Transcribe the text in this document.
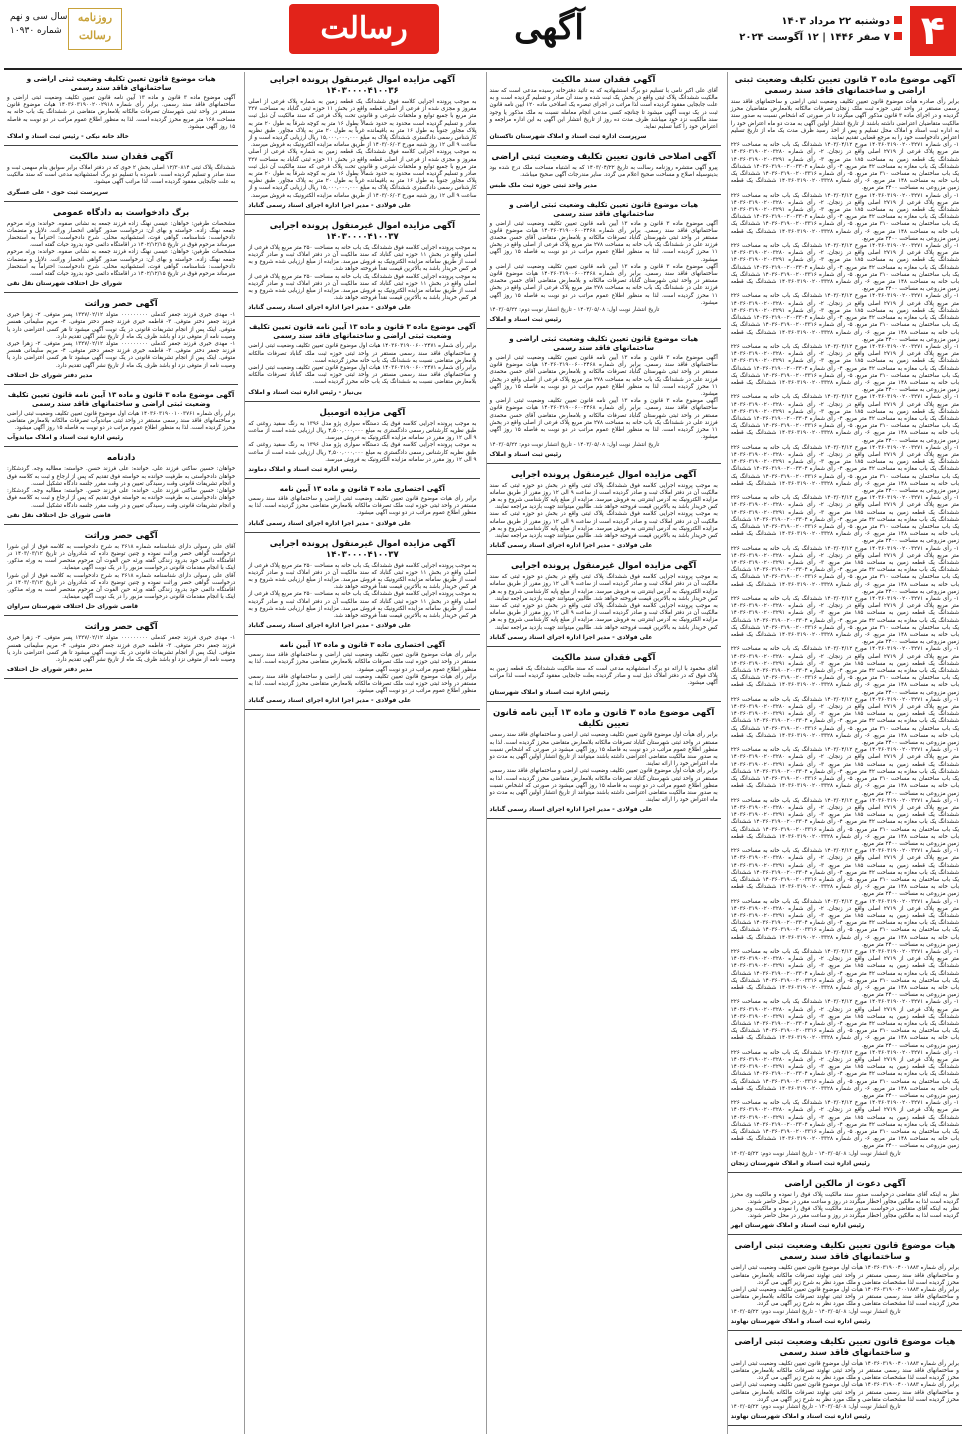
۴
دوشنبه ۲۲ مرداد ۱۴۰۳
۷ صفر ۱۴۴۶ | ۱۲ آگوست ۲۰۲۴
آگهی
رسالت
روزنامه رسالت
سال سی و نهم
شماره ۱۰۹۳۰
آگهی موضوع ماده ۳ قانون تعیین تکلیف وضعیت ثبتی اراضی و ساختمانهای فاقد سند رسمی

برابر رأی صادره هیأت موضوع قانون تعیین تکلیف وضعیت ثبتی اراضی و ساختمانهای فاقد سند رسمی مستقر در واحد ثبتی حوزه ثبت ملک زنجان تصرفات مالکانه بلامعارض متقاضیان محرز گردیده و در اجرای ماده ۳ قانون مذکور آگهی میگردد تا در صورتی که اشخاص نسبت به صدور سند مالکیت متقاضیان اعتراضی داشته باشند از تاریخ انتشار اولین آگهی به مدت دو ماه اعتراض خود را به اداره ثبت اسناد و املاک محل تسلیم و پس از اخذ رسید ظرف مدت یک ماه از تاریخ تسلیم اعتراض دادخواست خود را به مرجع قضایی تقدیم نمایند.

۱- رأی شماره ۱۴۰۳۶۰۳۱۹۰۰۲۰۰۳۲۷۱ مورخ ۱۴۰۳/۰۴/۱۲ ششدانگ یک باب خانه به مساحت ۲۲۶ متر مربع پلاک فرعی از ۲۷۱۹ اصلی واقع در زنجان. ۲- رأی شماره ۱۴۰۳۶۰۳۱۹۰۰۲۰۰۳۲۸۰ ششدانگ یک قطعه زمین به مساحت ۱۸۵ متر مربع. ۳- رأی شماره ۱۴۰۳۶۰۳۱۹۰۰۲۰۰۳۲۹۱ ششدانگ یک باب مغازه به مساحت ۴۲ متر مربع. ۴- رأی شماره ۱۴۰۳۶۰۳۱۹۰۰۲۰۰۳۳۰۴ ششدانگ یک باب ساختمان به مساحت ۳۱۰ متر مربع. ۵- رأی شماره ۱۴۰۳۶۰۳۱۹۰۰۲۰۰۳۳۱۶ ششدانگ یک باب خانه به مساحت ۱۴۸ متر مربع. ۶- رأی شماره ۱۴۰۳۶۰۳۱۹۰۰۲۰۰۳۳۲۸ ششدانگ یک قطعه زمین مزروعی به مساحت ۲۴۰۰ متر مربع.

۱- رأی شماره ۱۴۰۳۶۰۳۱۹۰۰۲۰۰۳۲۷۱ مورخ ۱۴۰۳/۰۴/۱۲ ششدانگ یک باب خانه به مساحت ۲۲۶ متر مربع پلاک فرعی از ۲۷۱۹ اصلی واقع در زنجان. ۲- رأی شماره ۱۴۰۳۶۰۳۱۹۰۰۲۰۰۳۲۸۰ ششدانگ یک قطعه زمین به مساحت ۱۸۵ متر مربع. ۳- رأی شماره ۱۴۰۳۶۰۳۱۹۰۰۲۰۰۳۲۹۱ ششدانگ یک باب مغازه به مساحت ۴۲ متر مربع. ۴- رأی شماره ۱۴۰۳۶۰۳۱۹۰۰۲۰۰۳۳۰۴ ششدانگ یک باب ساختمان به مساحت ۳۱۰ متر مربع. ۵- رأی شماره ۱۴۰۳۶۰۳۱۹۰۰۲۰۰۳۳۱۶ ششدانگ یک باب خانه به مساحت ۱۴۸ متر مربع. ۶- رأی شماره ۱۴۰۳۶۰۳۱۹۰۰۲۰۰۳۳۲۸ ششدانگ یک قطعه زمین مزروعی به مساحت ۲۴۰۰ متر مربع.

۱- رأی شماره ۱۴۰۳۶۰۳۱۹۰۰۲۰۰۳۲۷۱ مورخ ۱۴۰۳/۰۴/۱۲ ششدانگ یک باب خانه به مساحت ۲۲۶ متر مربع پلاک فرعی از ۲۷۱۹ اصلی واقع در زنجان. ۲- رأی شماره ۱۴۰۳۶۰۳۱۹۰۰۲۰۰۳۲۸۰ ششدانگ یک قطعه زمین به مساحت ۱۸۵ متر مربع. ۳- رأی شماره ۱۴۰۳۶۰۳۱۹۰۰۲۰۰۳۲۹۱ ششدانگ یک باب مغازه به مساحت ۴۲ متر مربع. ۴- رأی شماره ۱۴۰۳۶۰۳۱۹۰۰۲۰۰۳۳۰۴ ششدانگ یک باب ساختمان به مساحت ۳۱۰ متر مربع. ۵- رأی شماره ۱۴۰۳۶۰۳۱۹۰۰۲۰۰۳۳۱۶ ششدانگ یک باب خانه به مساحت ۱۴۸ متر مربع. ۶- رأی شماره ۱۴۰۳۶۰۳۱۹۰۰۲۰۰۳۳۲۸ ششدانگ یک قطعه زمین مزروعی به مساحت ۲۴۰۰ متر مربع.

۱- رأی شماره ۱۴۰۳۶۰۳۱۹۰۰۲۰۰۳۲۷۱ مورخ ۱۴۰۳/۰۴/۱۲ ششدانگ یک باب خانه به مساحت ۲۲۶ متر مربع پلاک فرعی از ۲۷۱۹ اصلی واقع در زنجان. ۲- رأی شماره ۱۴۰۳۶۰۳۱۹۰۰۲۰۰۳۲۸۰ ششدانگ یک قطعه زمین به مساحت ۱۸۵ متر مربع. ۳- رأی شماره ۱۴۰۳۶۰۳۱۹۰۰۲۰۰۳۲۹۱ ششدانگ یک باب مغازه به مساحت ۴۲ متر مربع. ۴- رأی شماره ۱۴۰۳۶۰۳۱۹۰۰۲۰۰۳۳۰۴ ششدانگ یک باب ساختمان به مساحت ۳۱۰ متر مربع. ۵- رأی شماره ۱۴۰۳۶۰۳۱۹۰۰۲۰۰۳۳۱۶ ششدانگ یک باب خانه به مساحت ۱۴۸ متر مربع. ۶- رأی شماره ۱۴۰۳۶۰۳۱۹۰۰۲۰۰۳۳۲۸ ششدانگ یک قطعه زمین مزروعی به مساحت ۲۴۰۰ متر مربع.

۱- رأی شماره ۱۴۰۳۶۰۳۱۹۰۰۲۰۰۳۲۷۱ مورخ ۱۴۰۳/۰۴/۱۲ ششدانگ یک باب خانه به مساحت ۲۲۶ متر مربع پلاک فرعی از ۲۷۱۹ اصلی واقع در زنجان. ۲- رأی شماره ۱۴۰۳۶۰۳۱۹۰۰۲۰۰۳۲۸۰ ششدانگ یک قطعه زمین به مساحت ۱۸۵ متر مربع. ۳- رأی شماره ۱۴۰۳۶۰۳۱۹۰۰۲۰۰۳۲۹۱ ششدانگ یک باب مغازه به مساحت ۴۲ متر مربع. ۴- رأی شماره ۱۴۰۳۶۰۳۱۹۰۰۲۰۰۳۳۰۴ ششدانگ یک باب ساختمان به مساحت ۳۱۰ متر مربع. ۵- رأی شماره ۱۴۰۳۶۰۳۱۹۰۰۲۰۰۳۳۱۶ ششدانگ یک باب خانه به مساحت ۱۴۸ متر مربع. ۶- رأی شماره ۱۴۰۳۶۰۳۱۹۰۰۲۰۰۳۳۲۸ ششدانگ یک قطعه زمین مزروعی به مساحت ۲۴۰۰ متر مربع.

۱- رأی شماره ۱۴۰۳۶۰۳۱۹۰۰۲۰۰۳۲۷۱ مورخ ۱۴۰۳/۰۴/۱۲ ششدانگ یک باب خانه به مساحت ۲۲۶ متر مربع پلاک فرعی از ۲۷۱۹ اصلی واقع در زنجان. ۲- رأی شماره ۱۴۰۳۶۰۳۱۹۰۰۲۰۰۳۲۸۰ ششدانگ یک قطعه زمین به مساحت ۱۸۵ متر مربع. ۳- رأی شماره ۱۴۰۳۶۰۳۱۹۰۰۲۰۰۳۲۹۱ ششدانگ یک باب مغازه به مساحت ۴۲ متر مربع. ۴- رأی شماره ۱۴۰۳۶۰۳۱۹۰۰۲۰۰۳۳۰۴ ششدانگ یک باب ساختمان به مساحت ۳۱۰ متر مربع. ۵- رأی شماره ۱۴۰۳۶۰۳۱۹۰۰۲۰۰۳۳۱۶ ششدانگ یک باب خانه به مساحت ۱۴۸ متر مربع. ۶- رأی شماره ۱۴۰۳۶۰۳۱۹۰۰۲۰۰۳۳۲۸ ششدانگ یک قطعه زمین مزروعی به مساحت ۲۴۰۰ متر مربع.

۱- رأی شماره ۱۴۰۳۶۰۳۱۹۰۰۲۰۰۳۲۷۱ مورخ ۱۴۰۳/۰۴/۱۲ ششدانگ یک باب خانه به مساحت ۲۲۶ متر مربع پلاک فرعی از ۲۷۱۹ اصلی واقع در زنجان. ۲- رأی شماره ۱۴۰۳۶۰۳۱۹۰۰۲۰۰۳۲۸۰ ششدانگ یک قطعه زمین به مساحت ۱۸۵ متر مربع. ۳- رأی شماره ۱۴۰۳۶۰۳۱۹۰۰۲۰۰۳۲۹۱ ششدانگ یک باب مغازه به مساحت ۴۲ متر مربع. ۴- رأی شماره ۱۴۰۳۶۰۳۱۹۰۰۲۰۰۳۳۰۴ ششدانگ یک باب ساختمان به مساحت ۳۱۰ متر مربع. ۵- رأی شماره ۱۴۰۳۶۰۳۱۹۰۰۲۰۰۳۳۱۶ ششدانگ یک باب خانه به مساحت ۱۴۸ متر مربع. ۶- رأی شماره ۱۴۰۳۶۰۳۱۹۰۰۲۰۰۳۳۲۸ ششدانگ یک قطعه زمین مزروعی به مساحت ۲۴۰۰ متر مربع.

۱- رأی شماره ۱۴۰۳۶۰۳۱۹۰۰۲۰۰۳۲۷۱ مورخ ۱۴۰۳/۰۴/۱۲ ششدانگ یک باب خانه به مساحت ۲۲۶ متر مربع پلاک فرعی از ۲۷۱۹ اصلی واقع در زنجان. ۲- رأی شماره ۱۴۰۳۶۰۳۱۹۰۰۲۰۰۳۲۸۰ ششدانگ یک قطعه زمین به مساحت ۱۸۵ متر مربع. ۳- رأی شماره ۱۴۰۳۶۰۳۱۹۰۰۲۰۰۳۲۹۱ ششدانگ یک باب مغازه به مساحت ۴۲ متر مربع. ۴- رأی شماره ۱۴۰۳۶۰۳۱۹۰۰۲۰۰۳۳۰۴ ششدانگ یک باب ساختمان به مساحت ۳۱۰ متر مربع. ۵- رأی شماره ۱۴۰۳۶۰۳۱۹۰۰۲۰۰۳۳۱۶ ششدانگ یک باب خانه به مساحت ۱۴۸ متر مربع. ۶- رأی شماره ۱۴۰۳۶۰۳۱۹۰۰۲۰۰۳۳۲۸ ششدانگ یک قطعه زمین مزروعی به مساحت ۲۴۰۰ متر مربع.

۱- رأی شماره ۱۴۰۳۶۰۳۱۹۰۰۲۰۰۳۲۷۱ مورخ ۱۴۰۳/۰۴/۱۲ ششدانگ یک باب خانه به مساحت ۲۲۶ متر مربع پلاک فرعی از ۲۷۱۹ اصلی واقع در زنجان. ۲- رأی شماره ۱۴۰۳۶۰۳۱۹۰۰۲۰۰۳۲۸۰ ششدانگ یک قطعه زمین به مساحت ۱۸۵ متر مربع. ۳- رأی شماره ۱۴۰۳۶۰۳۱۹۰۰۲۰۰۳۲۹۱ ششدانگ یک باب مغازه به مساحت ۴۲ متر مربع. ۴- رأی شماره ۱۴۰۳۶۰۳۱۹۰۰۲۰۰۳۳۰۴ ششدانگ یک باب ساختمان به مساحت ۳۱۰ متر مربع. ۵- رأی شماره ۱۴۰۳۶۰۳۱۹۰۰۲۰۰۳۳۱۶ ششدانگ یک باب خانه به مساحت ۱۴۸ متر مربع. ۶- رأی شماره ۱۴۰۳۶۰۳۱۹۰۰۲۰۰۳۳۲۸ ششدانگ یک قطعه زمین مزروعی به مساحت ۲۴۰۰ متر مربع.

۱- رأی شماره ۱۴۰۳۶۰۳۱۹۰۰۲۰۰۳۲۷۱ مورخ ۱۴۰۳/۰۴/۱۲ ششدانگ یک باب خانه به مساحت ۲۲۶ متر مربع پلاک فرعی از ۲۷۱۹ اصلی واقع در زنجان. ۲- رأی شماره ۱۴۰۳۶۰۳۱۹۰۰۲۰۰۳۲۸۰ ششدانگ یک قطعه زمین به مساحت ۱۸۵ متر مربع. ۳- رأی شماره ۱۴۰۳۶۰۳۱۹۰۰۲۰۰۳۲۹۱ ششدانگ یک باب مغازه به مساحت ۴۲ متر مربع. ۴- رأی شماره ۱۴۰۳۶۰۳۱۹۰۰۲۰۰۳۳۰۴ ششدانگ یک باب ساختمان به مساحت ۳۱۰ متر مربع. ۵- رأی شماره ۱۴۰۳۶۰۳۱۹۰۰۲۰۰۳۳۱۶ ششدانگ یک باب خانه به مساحت ۱۴۸ متر مربع. ۶- رأی شماره ۱۴۰۳۶۰۳۱۹۰۰۲۰۰۳۳۲۸ ششدانگ یک قطعه زمین مزروعی به مساحت ۲۴۰۰ متر مربع.

۱- رأی شماره ۱۴۰۳۶۰۳۱۹۰۰۲۰۰۳۲۷۱ مورخ ۱۴۰۳/۰۴/۱۲ ششدانگ یک باب خانه به مساحت ۲۲۶ متر مربع پلاک فرعی از ۲۷۱۹ اصلی واقع در زنجان. ۲- رأی شماره ۱۴۰۳۶۰۳۱۹۰۰۲۰۰۳۲۸۰ ششدانگ یک قطعه زمین به مساحت ۱۸۵ متر مربع. ۳- رأی شماره ۱۴۰۳۶۰۳۱۹۰۰۲۰۰۳۲۹۱ ششدانگ یک باب مغازه به مساحت ۴۲ متر مربع. ۴- رأی شماره ۱۴۰۳۶۰۳۱۹۰۰۲۰۰۳۳۰۴ ششدانگ یک باب ساختمان به مساحت ۳۱۰ متر مربع. ۵- رأی شماره ۱۴۰۳۶۰۳۱۹۰۰۲۰۰۳۳۱۶ ششدانگ یک باب خانه به مساحت ۱۴۸ متر مربع. ۶- رأی شماره ۱۴۰۳۶۰۳۱۹۰۰۲۰۰۳۳۲۸ ششدانگ یک قطعه زمین مزروعی به مساحت ۲۴۰۰ متر مربع.

۱- رأی شماره ۱۴۰۳۶۰۳۱۹۰۰۲۰۰۳۲۷۱ مورخ ۱۴۰۳/۰۴/۱۲ ششدانگ یک باب خانه به مساحت ۲۲۶ متر مربع پلاک فرعی از ۲۷۱۹ اصلی واقع در زنجان. ۲- رأی شماره ۱۴۰۳۶۰۳۱۹۰۰۲۰۰۳۲۸۰ ششدانگ یک قطعه زمین به مساحت ۱۸۵ متر مربع. ۳- رأی شماره ۱۴۰۳۶۰۳۱۹۰۰۲۰۰۳۲۹۱ ششدانگ یک باب مغازه به مساحت ۴۲ متر مربع. ۴- رأی شماره ۱۴۰۳۶۰۳۱۹۰۰۲۰۰۳۳۰۴ ششدانگ یک باب ساختمان به مساحت ۳۱۰ متر مربع. ۵- رأی شماره ۱۴۰۳۶۰۳۱۹۰۰۲۰۰۳۳۱۶ ششدانگ یک باب خانه به مساحت ۱۴۸ متر مربع. ۶- رأی شماره ۱۴۰۳۶۰۳۱۹۰۰۲۰۰۳۳۲۸ ششدانگ یک قطعه زمین مزروعی به مساحت ۲۴۰۰ متر مربع.

۱- رأی شماره ۱۴۰۳۶۰۳۱۹۰۰۲۰۰۳۲۷۱ مورخ ۱۴۰۳/۰۴/۱۲ ششدانگ یک باب خانه به مساحت ۲۲۶ متر مربع پلاک فرعی از ۲۷۱۹ اصلی واقع در زنجان. ۲- رأی شماره ۱۴۰۳۶۰۳۱۹۰۰۲۰۰۳۲۸۰ ششدانگ یک قطعه زمین به مساحت ۱۸۵ متر مربع. ۳- رأی شماره ۱۴۰۳۶۰۳۱۹۰۰۲۰۰۳۲۹۱ ششدانگ یک باب مغازه به مساحت ۴۲ متر مربع. ۴- رأی شماره ۱۴۰۳۶۰۳۱۹۰۰۲۰۰۳۳۰۴ ششدانگ یک باب ساختمان به مساحت ۳۱۰ متر مربع. ۵- رأی شماره ۱۴۰۳۶۰۳۱۹۰۰۲۰۰۳۳۱۶ ششدانگ یک باب خانه به مساحت ۱۴۸ متر مربع. ۶- رأی شماره ۱۴۰۳۶۰۳۱۹۰۰۲۰۰۳۳۲۸ ششدانگ یک قطعه زمین مزروعی به مساحت ۲۴۰۰ متر مربع.

۱- رأی شماره ۱۴۰۳۶۰۳۱۹۰۰۲۰۰۳۲۷۱ مورخ ۱۴۰۳/۰۴/۱۲ ششدانگ یک باب خانه به مساحت ۲۲۶ متر مربع پلاک فرعی از ۲۷۱۹ اصلی واقع در زنجان. ۲- رأی شماره ۱۴۰۳۶۰۳۱۹۰۰۲۰۰۳۲۸۰ ششدانگ یک قطعه زمین به مساحت ۱۸۵ متر مربع. ۳- رأی شماره ۱۴۰۳۶۰۳۱۹۰۰۲۰۰۳۲۹۱ ششدانگ یک باب مغازه به مساحت ۴۲ متر مربع. ۴- رأی شماره ۱۴۰۳۶۰۳۱۹۰۰۲۰۰۳۳۰۴ ششدانگ یک باب ساختمان به مساحت ۳۱۰ متر مربع. ۵- رأی شماره ۱۴۰۳۶۰۳۱۹۰۰۲۰۰۳۳۱۶ ششدانگ یک باب خانه به مساحت ۱۴۸ متر مربع. ۶- رأی شماره ۱۴۰۳۶۰۳۱۹۰۰۲۰۰۳۳۲۸ ششدانگ یک قطعه زمین مزروعی به مساحت ۲۴۰۰ متر مربع.

۱- رأی شماره ۱۴۰۳۶۰۳۱۹۰۰۲۰۰۳۲۷۱ مورخ ۱۴۰۳/۰۴/۱۲ ششدانگ یک باب خانه به مساحت ۲۲۶ متر مربع پلاک فرعی از ۲۷۱۹ اصلی واقع در زنجان. ۲- رأی شماره ۱۴۰۳۶۰۳۱۹۰۰۲۰۰۳۲۸۰ ششدانگ یک قطعه زمین به مساحت ۱۸۵ متر مربع. ۳- رأی شماره ۱۴۰۳۶۰۳۱۹۰۰۲۰۰۳۲۹۱ ششدانگ یک باب مغازه به مساحت ۴۲ متر مربع. ۴- رأی شماره ۱۴۰۳۶۰۳۱۹۰۰۲۰۰۳۳۰۴ ششدانگ یک باب ساختمان به مساحت ۳۱۰ متر مربع. ۵- رأی شماره ۱۴۰۳۶۰۳۱۹۰۰۲۰۰۳۳۱۶ ششدانگ یک باب خانه به مساحت ۱۴۸ متر مربع. ۶- رأی شماره ۱۴۰۳۶۰۳۱۹۰۰۲۰۰۳۳۲۸ ششدانگ یک قطعه زمین مزروعی به مساحت ۲۴۰۰ متر مربع.

۱- رأی شماره ۱۴۰۳۶۰۳۱۹۰۰۲۰۰۳۲۷۱ مورخ ۱۴۰۳/۰۴/۱۲ ششدانگ یک باب خانه به مساحت ۲۲۶ متر مربع پلاک فرعی از ۲۷۱۹ اصلی واقع در زنجان. ۲- رأی شماره ۱۴۰۳۶۰۳۱۹۰۰۲۰۰۳۲۸۰ ششدانگ یک قطعه زمین به مساحت ۱۸۵ متر مربع. ۳- رأی شماره ۱۴۰۳۶۰۳۱۹۰۰۲۰۰۳۲۹۱ ششدانگ یک باب مغازه به مساحت ۴۲ متر مربع. ۴- رأی شماره ۱۴۰۳۶۰۳۱۹۰۰۲۰۰۳۳۰۴ ششدانگ یک باب ساختمان به مساحت ۳۱۰ متر مربع. ۵- رأی شماره ۱۴۰۳۶۰۳۱۹۰۰۲۰۰۳۳۱۶ ششدانگ یک باب خانه به مساحت ۱۴۸ متر مربع. ۶- رأی شماره ۱۴۰۳۶۰۳۱۹۰۰۲۰۰۳۳۲۸ ششدانگ یک قطعه زمین مزروعی به مساحت ۲۴۰۰ متر مربع.

۱- رأی شماره ۱۴۰۳۶۰۳۱۹۰۰۲۰۰۳۲۷۱ مورخ ۱۴۰۳/۰۴/۱۲ ششدانگ یک باب خانه به مساحت ۲۲۶ متر مربع پلاک فرعی از ۲۷۱۹ اصلی واقع در زنجان. ۲- رأی شماره ۱۴۰۳۶۰۳۱۹۰۰۲۰۰۳۲۸۰ ششدانگ یک قطعه زمین به مساحت ۱۸۵ متر مربع. ۳- رأی شماره ۱۴۰۳۶۰۳۱۹۰۰۲۰۰۳۲۹۱ ششدانگ یک باب مغازه به مساحت ۴۲ متر مربع. ۴- رأی شماره ۱۴۰۳۶۰۳۱۹۰۰۲۰۰۳۳۰۴ ششدانگ یک باب ساختمان به مساحت ۳۱۰ متر مربع. ۵- رأی شماره ۱۴۰۳۶۰۳۱۹۰۰۲۰۰۳۳۱۶ ششدانگ یک باب خانه به مساحت ۱۴۸ متر مربع. ۶- رأی شماره ۱۴۰۳۶۰۳۱۹۰۰۲۰۰۳۳۲۸ ششدانگ یک قطعه زمین مزروعی به مساحت ۲۴۰۰ متر مربع.

۱- رأی شماره ۱۴۰۳۶۰۳۱۹۰۰۲۰۰۳۲۷۱ مورخ ۱۴۰۳/۰۴/۱۲ ششدانگ یک باب خانه به مساحت ۲۲۶ متر مربع پلاک فرعی از ۲۷۱۹ اصلی واقع در زنجان. ۲- رأی شماره ۱۴۰۳۶۰۳۱۹۰۰۲۰۰۳۲۸۰ ششدانگ یک قطعه زمین به مساحت ۱۸۵ متر مربع. ۳- رأی شماره ۱۴۰۳۶۰۳۱۹۰۰۲۰۰۳۲۹۱ ششدانگ یک باب مغازه به مساحت ۴۲ متر مربع. ۴- رأی شماره ۱۴۰۳۶۰۳۱۹۰۰۲۰۰۳۳۰۴ ششدانگ یک باب ساختمان به مساحت ۳۱۰ متر مربع. ۵- رأی شماره ۱۴۰۳۶۰۳۱۹۰۰۲۰۰۳۳۱۶ ششدانگ یک باب خانه به مساحت ۱۴۸ متر مربع. ۶- رأی شماره ۱۴۰۳۶۰۳۱۹۰۰۲۰۰۳۳۲۸ ششدانگ یک قطعه زمین مزروعی به مساحت ۲۴۰۰ متر مربع.

۱- رأی شماره ۱۴۰۳۶۰۳۱۹۰۰۲۰۰۳۲۷۱ مورخ ۱۴۰۳/۰۴/۱۲ ششدانگ یک باب خانه به مساحت ۲۲۶ متر مربع پلاک فرعی از ۲۷۱۹ اصلی واقع در زنجان. ۲- رأی شماره ۱۴۰۳۶۰۳۱۹۰۰۲۰۰۳۲۸۰ ششدانگ یک قطعه زمین به مساحت ۱۸۵ متر مربع. ۳- رأی شماره ۱۴۰۳۶۰۳۱۹۰۰۲۰۰۳۲۹۱ ششدانگ یک باب مغازه به مساحت ۴۲ متر مربع. ۴- رأی شماره ۱۴۰۳۶۰۳۱۹۰۰۲۰۰۳۳۰۴ ششدانگ یک باب ساختمان به مساحت ۳۱۰ متر مربع. ۵- رأی شماره ۱۴۰۳۶۰۳۱۹۰۰۲۰۰۳۳۱۶ ششدانگ یک باب خانه به مساحت ۱۴۸ متر مربع. ۶- رأی شماره ۱۴۰۳۶۰۳۱۹۰۰۲۰۰۳۳۲۸ ششدانگ یک قطعه زمین مزروعی به مساحت ۲۴۰۰ متر مربع.

۱- رأی شماره ۱۴۰۳۶۰۳۱۹۰۰۲۰۰۳۲۷۱ مورخ ۱۴۰۳/۰۴/۱۲ ششدانگ یک باب خانه به مساحت ۲۲۶ متر مربع پلاک فرعی از ۲۷۱۹ اصلی واقع در زنجان. ۲- رأی شماره ۱۴۰۳۶۰۳۱۹۰۰۲۰۰۳۲۸۰ ششدانگ یک قطعه زمین به مساحت ۱۸۵ متر مربع. ۳- رأی شماره ۱۴۰۳۶۰۳۱۹۰۰۲۰۰۳۲۹۱ ششدانگ یک باب مغازه به مساحت ۴۲ متر مربع. ۴- رأی شماره ۱۴۰۳۶۰۳۱۹۰۰۲۰۰۳۳۰۴ ششدانگ یک باب ساختمان به مساحت ۳۱۰ متر مربع. ۵- رأی شماره ۱۴۰۳۶۰۳۱۹۰۰۲۰۰۳۳۱۶ ششدانگ یک باب خانه به مساحت ۱۴۸ متر مربع. ۶- رأی شماره ۱۴۰۳۶۰۳۱۹۰۰۲۰۰۳۳۲۸ ششدانگ یک قطعه زمین مزروعی به مساحت ۲۴۰۰ متر مربع.

تاریخ انتشار نوبت اول: ۱۴۰۳/۰۵/۰۸ - تاریخ انتشار نوبت دوم: ۱۴۰۳/۰۵/۲۲
رئیس اداره ثبت اسناد و املاک شهرستان زنجان
آگهی دعوت از مالکین اراضی

نظر به اینکه آقای متقاضی درخواست صدور سند مالکیت پلاک فوق را نموده و مالکیت وی محرز گردیده است لذا به مالکین مجاور اخطار میگردد در روز و ساعت مقرر در محل حاضر شوند.

نظر به اینکه آقای متقاضی درخواست صدور سند مالکیت پلاک فوق را نموده و مالکیت وی محرز گردیده است لذا به مالکین مجاور اخطار میگردد در روز و ساعت مقرر در محل حاضر شوند.

رئیس اداره ثبت اسناد و املاک شهرستان ابهر
هیات موضوع قانون تعیین تکلیف وضعیت ثبتی اراضی و ساختمانهای فاقد سند رسمی

برابر رأی شماره ۱۴۰۳۶۰۳۱۹۰۰۴۰۰۱۸۸۳ هیأت اول موضوع قانون تعیین تکلیف وضعیت ثبتی اراضی و ساختمانهای فاقد سند رسمی مستقر در واحد ثبتی نهاوند تصرفات مالکانه بلامعارض متقاضی محرز گردیده است لذا مشخصات متقاضی و ملک مورد نظر به شرح زیر آگهی می گردد.

برابر رأی شماره ۱۴۰۳۶۰۳۱۹۰۰۴۰۰۱۸۸۳ هیأت اول موضوع قانون تعیین تکلیف وضعیت ثبتی اراضی و ساختمانهای فاقد سند رسمی مستقر در واحد ثبتی نهاوند تصرفات مالکانه بلامعارض متقاضی محرز گردیده است لذا مشخصات متقاضی و ملک مورد نظر به شرح زیر آگهی می گردد.

تاریخ انتشار نوبت اول: ۱۴۰۳/۰۵/۰۸ - تاریخ انتشار نوبت دوم: ۱۴۰۳/۰۵/۲۲
رئیس اداره ثبت اسناد و املاک شهرستان نهاوند
هیات موضوع قانون تعیین تکلیف وضعیت ثبتی اراضی و ساختمانهای فاقد سند رسمی

برابر رأی شماره ۱۴۰۳۶۰۳۱۹۰۰۴۰۰۱۸۸۳ هیأت اول موضوع قانون تعیین تکلیف وضعیت ثبتی اراضی و ساختمانهای فاقد سند رسمی مستقر در واحد ثبتی نهاوند تصرفات مالکانه بلامعارض متقاضی محرز گردیده است لذا مشخصات متقاضی و ملک مورد نظر به شرح زیر آگهی می گردد.

برابر رأی شماره ۱۴۰۳۶۰۳۱۹۰۰۴۰۰۱۸۸۳ هیأت اول موضوع قانون تعیین تکلیف وضعیت ثبتی اراضی و ساختمانهای فاقد سند رسمی مستقر در واحد ثبتی نهاوند تصرفات مالکانه بلامعارض متقاضی محرز گردیده است لذا مشخصات متقاضی و ملک مورد نظر به شرح زیر آگهی می گردد.

تاریخ انتشار نوبت اول: ۱۴۰۳/۰۵/۰۸ - تاریخ انتشار نوبت دوم: ۱۴۰۳/۰۵/۲۲
رئیس اداره ثبت اسناد و املاک شهرستان نهاوند
آگهی فقدان سند مالکیت

آقای علی اکبر نامی با تسلیم دو برگ استشهادیه که به تائید دفترخانه رسیده مدعی است که سند مالکیت ششدانگ پلاک ثبتی واقع در بخش یک ثبت شده و سند آن صادر و تسلیم گردیده است و به علت جابجایی مفقود گردیده است لذا مراتب در اجرای تبصره یک اصلاحی ماده ۱۲۰ آیین نامه قانون ثبت در یک نوبت آگهی میشود تا چنانچه کسی مدعی انجام معامله نسبت به ملک مذکور یا وجود سند مالکیت نزد خود میباشد ظرف مدت ده روز از تاریخ انتشار این آگهی به این اداره مراجعه و اعتراض خود را کتباً تسلیم نماید.

سرپرست اداره ثبت اسناد و املاک شهرستان تاکستان
آگهی اصلاحی قانون تعیین تکلیف وضعیت ثبتی اراضی

پیرو آگهی منتشره روزنامه رسالت به تاریخ ۱۴۰۳/۰۴/۲۲ که به اشتباه مساحت ملک درج شده بود بدینوسیله اصلاح و مساحت صحیح اعلام می گردد. سایر مندرجات آگهی صحیح میباشد.

مدیر واحد ثبتی حوزه ثبت ملک طبس
هیات موضوع قانون تعیین تکلیف وضعیت ثبتی اراضی و ساختمانهای فاقد سند رسمی

آگهی موضوع ماده ۳ قانون و ماده ۱۳ آیین نامه قانون تعیین تکلیف وضعیت ثبتی اراضی و ساختمانهای فاقد سند رسمی. برابر رأی شماره ۱۴۰۳۶۰۳۱۹۰۰۶۰۰۲۴۶۸ هیات موضوع قانون مستقر در واحد ثبتی شهرستان گناباد تصرفات مالکانه و بلامعارض متقاضی آقای حسن محمدی فرزند علی در ششدانگ یک باب خانه به مساحت ۲۷۸ متر مربع پلاک فرعی از اصلی واقع در بخش ۱۱ محرز گردیده است. لذا به منظور اطلاع عموم مراتب در دو نوبت به فاصله ۱۵ روز آگهی میشود.

آگهی موضوع ماده ۳ قانون و ماده ۱۳ آیین نامه قانون تعیین تکلیف وضعیت ثبتی اراضی و ساختمانهای فاقد سند رسمی. برابر رأی شماره ۱۴۰۳۶۰۳۱۹۰۰۶۰۰۲۴۶۸ هیات موضوع قانون مستقر در واحد ثبتی شهرستان گناباد تصرفات مالکانه و بلامعارض متقاضی آقای حسن محمدی فرزند علی در ششدانگ یک باب خانه به مساحت ۲۷۸ متر مربع پلاک فرعی از اصلی واقع در بخش ۱۱ محرز گردیده است. لذا به منظور اطلاع عموم مراتب در دو نوبت به فاصله ۱۵ روز آگهی میشود.

تاریخ انتشار نوبت اول: ۱۴۰۳/۰۵/۰۸ - تاریخ انتشار نوبت دوم: ۱۴۰۳/۰۵/۲۲
رئیس ثبت اسناد و املاک
هیات موضوع قانون تعیین تکلیف وضعیت ثبتی اراضی و ساختمانهای فاقد سند رسمی

آگهی موضوع ماده ۳ قانون و ماده ۱۳ آیین نامه قانون تعیین تکلیف وضعیت ثبتی اراضی و ساختمانهای فاقد سند رسمی. برابر رأی شماره ۱۴۰۳۶۰۳۱۹۰۰۶۰۰۲۴۶۸ هیات موضوع قانون مستقر در واحد ثبتی شهرستان گناباد تصرفات مالکانه و بلامعارض متقاضی آقای حسن محمدی فرزند علی در ششدانگ یک باب خانه به مساحت ۲۷۸ متر مربع پلاک فرعی از اصلی واقع در بخش ۱۱ محرز گردیده است. لذا به منظور اطلاع عموم مراتب در دو نوبت به فاصله ۱۵ روز آگهی میشود.

آگهی موضوع ماده ۳ قانون و ماده ۱۳ آیین نامه قانون تعیین تکلیف وضعیت ثبتی اراضی و ساختمانهای فاقد سند رسمی. برابر رأی شماره ۱۴۰۳۶۰۳۱۹۰۰۶۰۰۲۴۶۸ هیات موضوع قانون مستقر در واحد ثبتی شهرستان گناباد تصرفات مالکانه و بلامعارض متقاضی آقای حسن محمدی فرزند علی در ششدانگ یک باب خانه به مساحت ۲۷۸ متر مربع پلاک فرعی از اصلی واقع در بخش ۱۱ محرز گردیده است. لذا به منظور اطلاع عموم مراتب در دو نوبت به فاصله ۱۵ روز آگهی میشود.

تاریخ انتشار نوبت اول: ۱۴۰۳/۰۵/۰۸ - تاریخ انتشار نوبت دوم: ۱۴۰۳/۰۵/۲۲
رئیس ثبت اسناد و املاک
آگهی مزایده اموال غیرمنقول پرونده اجرایی

به موجب پرونده اجرایی کلاسه فوق ششدانگ پلاک ثبتی واقع در بخش دو حوزه ثبتی که سند مالکیت آن در دفتر املاک ثبت و صادر گردیده است از ساعت ۹ الی ۱۲ روز مقرر از طریق سامانه مزایده الکترونیک به آدرس اینترنتی به فروش میرسد. مزایده از مبلغ پایه کارشناسی شروع و به هر کس خریدار باشد به بالاترین قیمت فروخته خواهد شد. طالبین میتوانند جهت بازدید مراجعه نمایند.

به موجب پرونده اجرایی کلاسه فوق ششدانگ پلاک ثبتی واقع در بخش دو حوزه ثبتی که سند مالکیت آن در دفتر املاک ثبت و صادر گردیده است از ساعت ۹ الی ۱۲ روز مقرر از طریق سامانه مزایده الکترونیک به آدرس اینترنتی به فروش میرسد. مزایده از مبلغ پایه کارشناسی شروع و به هر کس خریدار باشد به بالاترین قیمت فروخته خواهد شد. طالبین میتوانند جهت بازدید مراجعه نمایند.

علی فولادی - مدیر اجرا اداره اجرای اسناد رسمی گناباد
آگهی مزایده اموال غیرمنقول پرونده اجرایی

به موجب پرونده اجرایی کلاسه فوق ششدانگ پلاک ثبتی واقع در بخش دو حوزه ثبتی که سند مالکیت آن در دفتر املاک ثبت و صادر گردیده است از ساعت ۹ الی ۱۲ روز مقرر از طریق سامانه مزایده الکترونیک به آدرس اینترنتی به فروش میرسد. مزایده از مبلغ پایه کارشناسی شروع و به هر کس خریدار باشد به بالاترین قیمت فروخته خواهد شد. طالبین میتوانند جهت بازدید مراجعه نمایند.

به موجب پرونده اجرایی کلاسه فوق ششدانگ پلاک ثبتی واقع در بخش دو حوزه ثبتی که سند مالکیت آن در دفتر املاک ثبت و صادر گردیده است از ساعت ۹ الی ۱۲ روز مقرر از طریق سامانه مزایده الکترونیک به آدرس اینترنتی به فروش میرسد. مزایده از مبلغ پایه کارشناسی شروع و به هر کس خریدار باشد به بالاترین قیمت فروخته خواهد شد. طالبین میتوانند جهت بازدید مراجعه نمایند.

علی فولادی - مدیر اجرا اداره اجرای اسناد رسمی گناباد
آگهی فقدان سند مالکیت

آقای محمود با ارائه دو برگ استشهادیه مدعی است که سند مالکیت ششدانگ یک قطعه زمین به پلاک فوق که در دفتر املاک ذیل ثبت و صادر گردیده بعلت جابجایی مفقود گردیده است لذا مراتب آگهی میشود.

رئیس اداره ثبت اسناد و املاک شهرستان
آگهی موضوع ماده ۳ قانون و ماده ۱۳ آیین نامه قانون تعیین تکلیف

برابر رأی هیأت اول موضوع قانون تعیین تکلیف وضعیت ثبتی اراضی و ساختمانهای فاقد سند رسمی مستقر در واحد ثبتی شهرستان گناباد تصرفات مالکانه بلامعارض متقاضی محرز گردیده است. لذا به منظور اطلاع عموم مراتب در دو نوبت به فاصله ۱۵ روز آگهی میشود در صورتی که اشخاص نسبت به صدور سند مالکیت متقاضی اعتراضی داشته باشند میتوانند از تاریخ انتشار اولین آگهی به مدت دو ماه اعتراض خود را ارائه نمایند.

برابر رأی هیأت اول موضوع قانون تعیین تکلیف وضعیت ثبتی اراضی و ساختمانهای فاقد سند رسمی مستقر در واحد ثبتی شهرستان گناباد تصرفات مالکانه بلامعارض متقاضی محرز گردیده است. لذا به منظور اطلاع عموم مراتب در دو نوبت به فاصله ۱۵ روز آگهی میشود در صورتی که اشخاص نسبت به صدور سند مالکیت متقاضی اعتراضی داشته باشند میتوانند از تاریخ انتشار اولین آگهی به مدت دو ماه اعتراض خود را ارائه نمایند.

علی فولادی - مدیر اجرا اداره اجرای اسناد رسمی گناباد
آگهی مزایده اموال غیرمنقول پرونده اجرایی ۱۴۰۳۰۰۰۰۴۱۰۰۳۶

به موجب پرونده اجرایی کلاسه فوق ششدانگ یک قطعه زمین به شماره پلاک فرعی از اصلی مفروز و مجزی شده از فرعی از اصلی قطعه واقع در بخش ۱۱ حوزه ثبتی گناباد به مساحت ۳۲۷ متر مربع با جمیع توابع و ملحقات شرعی و قانونی تحت پلاک فرعی که سند مالکیت آن ذیل ثبت صادر و تسلیم گردیده است محدود به حدود شمالاً بطول ۱۶ متر به کوچه شرقاً به طول ۲۰ متر به پلاک مجاور جنوباً به طول ۱۶ متر به باقیمانده غرباً به طول ۲۰ متر به پلاک مجاور. طبق نظریه کارشناس رسمی دادگستری ششدانگ پلاک به مبلغ ۱۵,۰۰۰,۰۰۰,۰۰۰ ریال ارزیابی گردیده است و از ساعت ۹ الی ۱۲ روز شنبه مورخ ۱۴۰۳/۰۶/۰۳ از طریق سامانه مزایده الکترونیک به فروش میرسد.

به موجب پرونده اجرایی کلاسه فوق ششدانگ یک قطعه زمین به شماره پلاک فرعی از اصلی مفروز و مجزی شده از فرعی از اصلی قطعه واقع در بخش ۱۱ حوزه ثبتی گناباد به مساحت ۳۲۷ متر مربع با جمیع توابع و ملحقات شرعی و قانونی تحت پلاک فرعی که سند مالکیت آن ذیل ثبت صادر و تسلیم گردیده است محدود به حدود شمالاً بطول ۱۶ متر به کوچه شرقاً به طول ۲۰ متر به پلاک مجاور جنوباً به طول ۱۶ متر به باقیمانده غرباً به طول ۲۰ متر به پلاک مجاور. طبق نظریه کارشناس رسمی دادگستری ششدانگ پلاک به مبلغ ۱۵,۰۰۰,۰۰۰,۰۰۰ ریال ارزیابی گردیده است و از ساعت ۹ الی ۱۲ روز شنبه مورخ ۱۴۰۳/۰۶/۰۳ از طریق سامانه مزایده الکترونیک به فروش میرسد.

علی فولادی - مدیر اجرا اداره اجرای اسناد رسمی گناباد
آگهی مزایده اموال غیرمنقول پرونده اجرایی ۱۴۰۳۰۰۰۰۴۱۰۰۳۷

به موجب پرونده اجرایی کلاسه فوق ششدانگ یک باب خانه به مساحت ۲۵۰ متر مربع پلاک فرعی از اصلی واقع در بخش ۱۱ حوزه ثبتی گناباد که سند مالکیت آن در دفتر املاک ثبت و صادر گردیده است از طریق سامانه مزایده الکترونیک به فروش میرسد. مزایده از مبلغ ارزیابی شده شروع و به هر کس خریدار باشد به بالاترین قیمت نقداً فروخته خواهد شد.

به موجب پرونده اجرایی کلاسه فوق ششدانگ یک باب خانه به مساحت ۲۵۰ متر مربع پلاک فرعی از اصلی واقع در بخش ۱۱ حوزه ثبتی گناباد که سند مالکیت آن در دفتر املاک ثبت و صادر گردیده است از طریق سامانه مزایده الکترونیک به فروش میرسد. مزایده از مبلغ ارزیابی شده شروع و به هر کس خریدار باشد به بالاترین قیمت نقداً فروخته خواهد شد.

علی فولادی - مدیر اجرا اداره اجرای اسناد رسمی گناباد
آگهی موضوع ماده ۳ قانون و ماده ۱۳ آیین نامه قانون تعیین تکلیف وضعیت ثبتی اراضی و ساختمانهای فاقد سند رسمی

برابر رأی شماره ۱۴۰۳۶۰۳۱۹۰۰۶۰۰۲۴۷۱ هیات اول موضوع قانون تعیین تکلیف وضعیت ثبتی اراضی و ساختمانهای فاقد سند رسمی مستقر در واحد ثبتی حوزه ثبت ملک گناباد تصرفات مالکانه بلامعارض متقاضی نسبت به ششدانگ یک باب خانه محرز گردیده است.

برابر رأی شماره ۱۴۰۳۶۰۳۱۹۰۰۶۰۰۲۴۷۱ هیات اول موضوع قانون تعیین تکلیف وضعیت ثبتی اراضی و ساختمانهای فاقد سند رسمی مستقر در واحد ثبتی حوزه ثبت ملک گناباد تصرفات مالکانه بلامعارض متقاضی نسبت به ششدانگ یک باب خانه محرز گردیده است.

بی‌نیاز - رئیس اداره ثبت اسناد و املاک
آگهی مزایده اتومبیل

به موجب پرونده اجرایی کلاسه فوق یک دستگاه سواری پژو مدل ۱۳۹۶ به رنگ سفید روغنی که طبق نظریه کارشناس رسمی دادگستری به مبلغ ۴,۵۰۰,۰۰۰,۰۰۰ ریال ارزیابی شده است از ساعت ۹ الی ۱۲ روز مقرر در سامانه مزایده الکترونیک به فروش میرسد.

به موجب پرونده اجرایی کلاسه فوق یک دستگاه سواری پژو مدل ۱۳۹۶ به رنگ سفید روغنی که طبق نظریه کارشناس رسمی دادگستری به مبلغ ۴,۵۰۰,۰۰۰,۰۰۰ ریال ارزیابی شده است از ساعت ۹ الی ۱۲ روز مقرر در سامانه مزایده الکترونیک به فروش میرسد.

رئیس اداره ثبت اسناد و املاک دماوند
آگهی اختصاری ماده ۳ قانون و ماده ۱۳ آیین نامه

برابر رأی هیات موضوع قانون تعیین تکلیف وضعیت ثبتی اراضی و ساختمانهای فاقد سند رسمی مستقر در واحد ثبتی حوزه ثبت ملک تصرفات مالکانه بلامعارض متقاضی محرز گردیده است. لذا به منظور اطلاع عموم مراتب در دو نوبت آگهی میشود.

علی فولادی - مدیر اجرا اداره اجرای اسناد رسمی گناباد
آگهی مزایده اموال غیرمنقول پرونده اجرایی ۱۴۰۳۰۰۰۰۴۱۰۰۳۷

به موجب پرونده اجرایی کلاسه فوق ششدانگ یک باب خانه به مساحت ۲۵۰ متر مربع پلاک فرعی از اصلی واقع در بخش ۱۱ حوزه ثبتی گناباد که سند مالکیت آن در دفتر املاک ثبت و صادر گردیده است از طریق سامانه مزایده الکترونیک به فروش میرسد. مزایده از مبلغ ارزیابی شده شروع و به هر کس خریدار باشد به بالاترین قیمت نقداً فروخته خواهد شد.

به موجب پرونده اجرایی کلاسه فوق ششدانگ یک باب خانه به مساحت ۲۵۰ متر مربع پلاک فرعی از اصلی واقع در بخش ۱۱ حوزه ثبتی گناباد که سند مالکیت آن در دفتر املاک ثبت و صادر گردیده است از طریق سامانه مزایده الکترونیک به فروش میرسد. مزایده از مبلغ ارزیابی شده شروع و به هر کس خریدار باشد به بالاترین قیمت نقداً فروخته خواهد شد.

علی فولادی - مدیر اجرا اداره اجرای اسناد رسمی گناباد
آگهی اختصاری ماده ۳ قانون و ماده ۱۳ آیین نامه

برابر رأی هیات موضوع قانون تعیین تکلیف وضعیت ثبتی اراضی و ساختمانهای فاقد سند رسمی مستقر در واحد ثبتی حوزه ثبت ملک تصرفات مالکانه بلامعارض متقاضی محرز گردیده است. لذا به منظور اطلاع عموم مراتب در دو نوبت آگهی میشود.

برابر رأی هیات موضوع قانون تعیین تکلیف وضعیت ثبتی اراضی و ساختمانهای فاقد سند رسمی مستقر در واحد ثبتی حوزه ثبت ملک تصرفات مالکانه بلامعارض متقاضی محرز گردیده است. لذا به منظور اطلاع عموم مراتب در دو نوبت آگهی میشود.

علی فولادی - مدیر اجرا اداره اجرای اسناد رسمی گناباد
هیات موضوع قانون تعیین تکلیف وضعیت ثبتی اراضی و ساختمانهای فاقد سند رسمی

آگهی موضوع ماده ۳ قانون و ماده ۱۳ آیین نامه قانون تعیین تکلیف وضعیت ثبتی اراضی و ساختمانهای فاقد سند رسمی. برابر رأی شماره ۱۴۰۳۶۰۳۱۹۰۰۲۰۰۲۹۱۸ هیات موضوع قانون مستقر در واحد ثبتی شهرستان تصرفات مالکانه بلامعارض متقاضی در ششدانگ یک باب خانه به مساحت ۱۶۸ متر مربع محرز گردیده است. لذا به منظور اطلاع عموم مراتب در دو نوبت به فاصله ۱۵ روز آگهی میشود.

خالد خانه نیکی - رئیس ثبت اسناد و املاک
آگهی فقدان سند مالکیت

ششدانگ پلاک ثبتی ۱۲/۳۰۸۱۴ اصلی بخش ۲ خوی که در دفتر املاک برابر سوابق بنام سهمی ثبت و سند صادر و تسلیم گردیده است. نامبرده با تسلیم دو برگ استشهادیه مدعی است که سند مالکیت به علت جابجایی مفقود گردیده است. لذا مراتب آگهی میشود.

سرپرست ثبت خوی - علی عسگری
برگ دادخواست به دادگاه عمومی

مشخصات طرفین: خواهان: عیسی نهنگ زاده فرزند جمعه به نشانی صفوه. خوانده: ورثه مرحوم جمعه نهنگ زاده. خواسته و بهای آن: درخواست صدور گواهی انحصار وراثت. دلایل و منضمات دادخواست: شناسنامه، گواهی فوت، استشهادیه محلی. شرح دادخواست: احتراماً به استحضار میرساند مرحوم فوق در تاریخ ۱۴۰۲/۱۲/۱۵ در اقامتگاه دائمی خود بدرود حیات گفته است.

مشخصات طرفین: خواهان: عیسی نهنگ زاده فرزند جمعه به نشانی صفوه. خوانده: ورثه مرحوم جمعه نهنگ زاده. خواسته و بهای آن: درخواست صدور گواهی انحصار وراثت. دلایل و منضمات دادخواست: شناسنامه، گواهی فوت، استشهادیه محلی. شرح دادخواست: احتراماً به استحضار میرساند مرحوم فوق در تاریخ ۱۴۰۲/۱۲/۱۵ در اقامتگاه دائمی خود بدرود حیات گفته است.

شورای حل اختلاف شهرستان نقل نقی
آگهی حصر وراثت

۱- مهدی خیری فرزند جعفر کدملی ۰۰۰۰۰۰۰۰۰ متولد ۱۳۲۷/۰۲/۱۲ پسر متوفی. ۲- زهرا خیری فرزند جعفر دختر متوفی. ۳- فاطمه خیری فرزند جعفر دختر متوفی. ۴- مریم سلیمانی همسر متوفی. اینک پس از انجام تشریفات قانونی در یک نوبت آگهی میشود تا هر کسی اعتراضی دارد یا وصیت نامه از متوفی نزد او باشد ظرف یک ماه از تاریخ نشر آگهی تقدیم دارد.

۱- مهدی خیری فرزند جعفر کدملی ۰۰۰۰۰۰۰۰۰ متولد ۱۳۲۷/۰۲/۱۲ پسر متوفی. ۲- زهرا خیری فرزند جعفر دختر متوفی. ۳- فاطمه خیری فرزند جعفر دختر متوفی. ۴- مریم سلیمانی همسر متوفی. اینک پس از انجام تشریفات قانونی در یک نوبت آگهی میشود تا هر کسی اعتراضی دارد یا وصیت نامه از متوفی نزد او باشد ظرف یک ماه از تاریخ نشر آگهی تقدیم دارد.

مدیر دفتر شورای حل اختلاف
آگهی موضوع ماده ۳ قانون و ماده ۱۳ آیین نامه قانون تعیین تکلیف وضعیت ثبتی اراضی و ساختمانهای فاقد سند رسمی

برابر رأی شماره ۱۴۰۳۶۰۳۱۹۰۰۱۰۰۳۷۶۱ هیات اول موضوع قانون تعیین تکلیف وضعیت ثبتی اراضی و ساختمانهای فاقد سند رسمی مستقر در واحد ثبتی میاندوآب تصرفات مالکانه بلامعارض متقاضی محرز گردیده است. لذا به منظور اطلاع عموم مراتب در دو نوبت به فاصله ۱۵ روز آگهی میشود.

رئیس اداره ثبت اسناد و املاک میاندوآب
دادنامه

خواهان: حسین ساکنی فرزند علی. خوانده: علی فرزند حسن. خواسته: مطالبه وجه. گردشکار: خواهان دادخواستی به طرفیت خوانده به خواسته فوق تقدیم که پس از ارجاع و ثبت به کلاسه فوق و انجام تشریفات قانونی وقت رسیدگی تعیین و در وقت مقرر جلسه دادگاه تشکیل است.

خواهان: حسین ساکنی فرزند علی. خوانده: علی فرزند حسن. خواسته: مطالبه وجه. گردشکار: خواهان دادخواستی به طرفیت خوانده به خواسته فوق تقدیم که پس از ارجاع و ثبت به کلاسه فوق و انجام تشریفات قانونی وقت رسیدگی تعیین و در وقت مقرر جلسه دادگاه تشکیل است.

قاضی شورای حل اختلاف نقل نقی
آگهی حصر وراثت

آقای علی رسولی دارای شناسنامه شماره ۳۶۱۸ به شرح دادخواست به کلاسه فوق از این شورا درخواست گواهی حصر وراثت نموده و چنین توضیح داده که شادروان در تاریخ ۱۴۰۳/۰۳/۱۲ در اقامتگاه دائمی خود بدرود زندگی گفته ورثه حین الفوت آن مرحوم منحصر است به ورثه مذکور. اینک با انجام مقدمات قانونی درخواست مزبور را در یک نوبت آگهی مینماید.

آقای علی رسولی دارای شناسنامه شماره ۳۶۱۸ به شرح دادخواست به کلاسه فوق از این شورا درخواست گواهی حصر وراثت نموده و چنین توضیح داده که شادروان در تاریخ ۱۴۰۳/۰۳/۱۲ در اقامتگاه دائمی خود بدرود زندگی گفته ورثه حین الفوت آن مرحوم منحصر است به ورثه مذکور. اینک با انجام مقدمات قانونی درخواست مزبور را در یک نوبت آگهی مینماید.

قاضی شورای حل اختلاف شهرستان سراوان
آگهی حصر وراثت

۱- مهدی خیری فرزند جعفر کدملی ۰۰۰۰۰۰۰۰۰ متولد ۱۳۲۷/۰۲/۱۲ پسر متوفی. ۲- زهرا خیری فرزند جعفر دختر متوفی. ۳- فاطمه خیری فرزند جعفر دختر متوفی. ۴- مریم سلیمانی همسر متوفی. اینک پس از انجام تشریفات قانونی در یک نوبت آگهی میشود تا هر کسی اعتراضی دارد یا وصیت نامه از متوفی نزد او باشد ظرف یک ماه از تاریخ نشر آگهی تقدیم دارد.

مدیر دفتر شورای حل اختلاف
